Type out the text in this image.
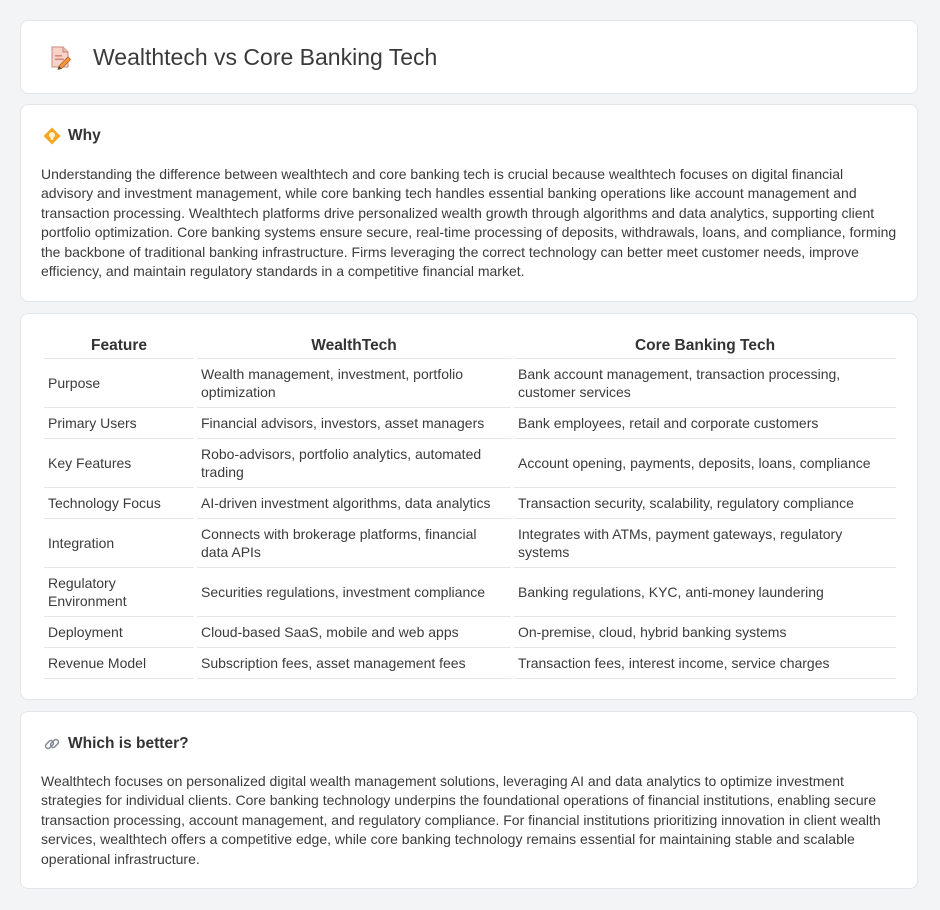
Wealthtech vs Core Banking Tech
Why

Understanding the difference between wealthtech and core banking tech is crucial because wealthtech focuses on digital financial advisory and investment management, while core banking tech handles essential banking operations like account management and transaction processing. Wealthtech platforms drive personalized wealth growth through algorithms and data analytics, supporting client portfolio optimization. Core banking systems ensure secure, real-time processing of deposits, withdrawals, loans, and compliance, forming the backbone of traditional banking infrastructure. Firms leveraging the correct technology can better meet customer needs, improve efficiency, and maintain regulatory standards in a competitive financial market.

Feature	WealthTech	Core Banking Tech
Purpose	Wealth management, investment, portfolio optimization	Bank account management, transaction processing, customer services
Primary Users	Financial advisors, investors, asset managers	Bank employees, retail and corporate customers
Key Features	Robo-advisors, portfolio analytics, automated trading	Account opening, payments, deposits, loans, compliance
Technology Focus	AI-driven investment algorithms, data analytics	Transaction security, scalability, regulatory compliance
Integration	Connects with brokerage platforms, financial data APIs	Integrates with ATMs, payment gateways, regulatory systems
Regulatory Environment	Securities regulations, investment compliance	Banking regulations, KYC, anti-money laundering
Deployment	Cloud-based SaaS, mobile and web apps	On-premise, cloud, hybrid banking systems
Revenue Model	Subscription fees, asset management fees	Transaction fees, interest income, service charges
Which is better?

Wealthtech focuses on personalized digital wealth management solutions, leveraging AI and data analytics to optimize investment strategies for individual clients. Core banking technology underpins the foundational operations of financial institutions, enabling secure transaction processing, account management, and regulatory compliance. For financial institutions prioritizing innovation in client wealth services, wealthtech offers a competitive edge, while core banking technology remains essential for maintaining stable and scalable operational infrastructure.
